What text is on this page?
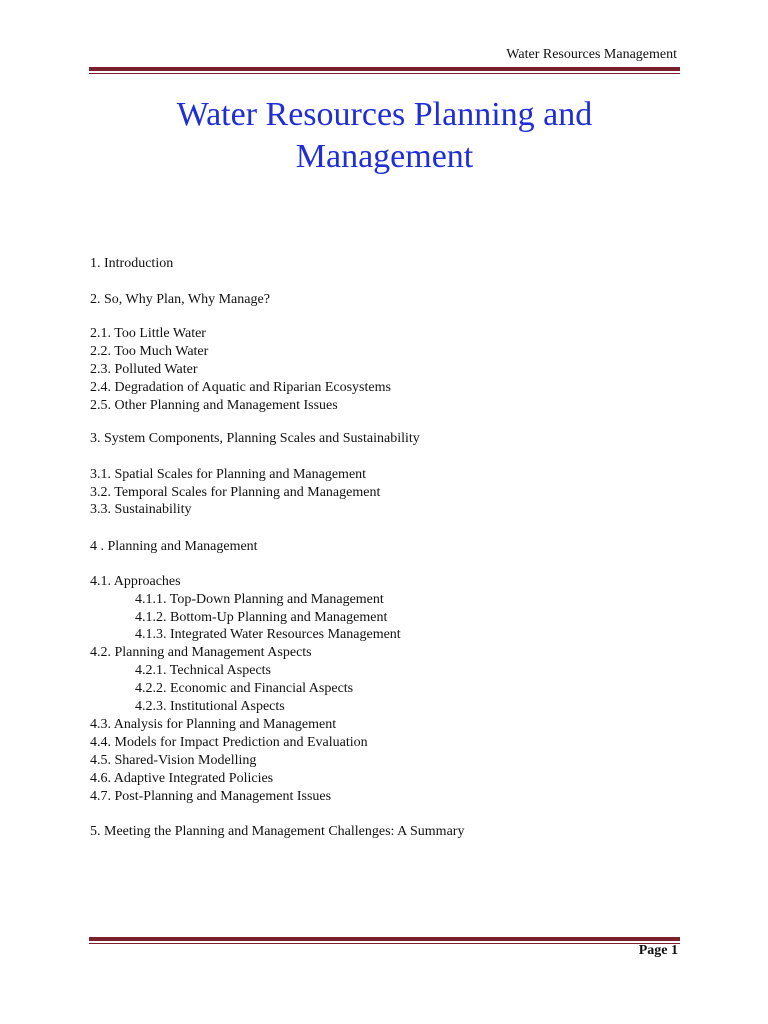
Water Resources Management
Water Resources Planning and Management
1. Introduction
2. So, Why Plan, Why Manage?
2.1. Too Little Water
2.2. Too Much Water
2.3. Polluted Water
2.4. Degradation of Aquatic and Riparian Ecosystems
2.5. Other Planning and Management Issues
3. System Components, Planning Scales and Sustainability
3.1. Spatial Scales for Planning and Management
3.2. Temporal Scales for Planning and Management
3.3. Sustainability
4 . Planning and Management
4.1. Approaches
4.1.1. Top-Down Planning and Management
4.1.2. Bottom-Up Planning and Management
4.1.3. Integrated Water Resources Management
4.2. Planning and Management Aspects
4.2.1. Technical Aspects
4.2.2. Economic and Financial Aspects
4.2.3. Institutional Aspects
4.3. Analysis for Planning and Management
4.4. Models for Impact Prediction and Evaluation
4.5. Shared-Vision Modelling
4.6. Adaptive Integrated Policies
4.7. Post-Planning and Management Issues
5. Meeting the Planning and Management Challenges: A Summary
Page 1
